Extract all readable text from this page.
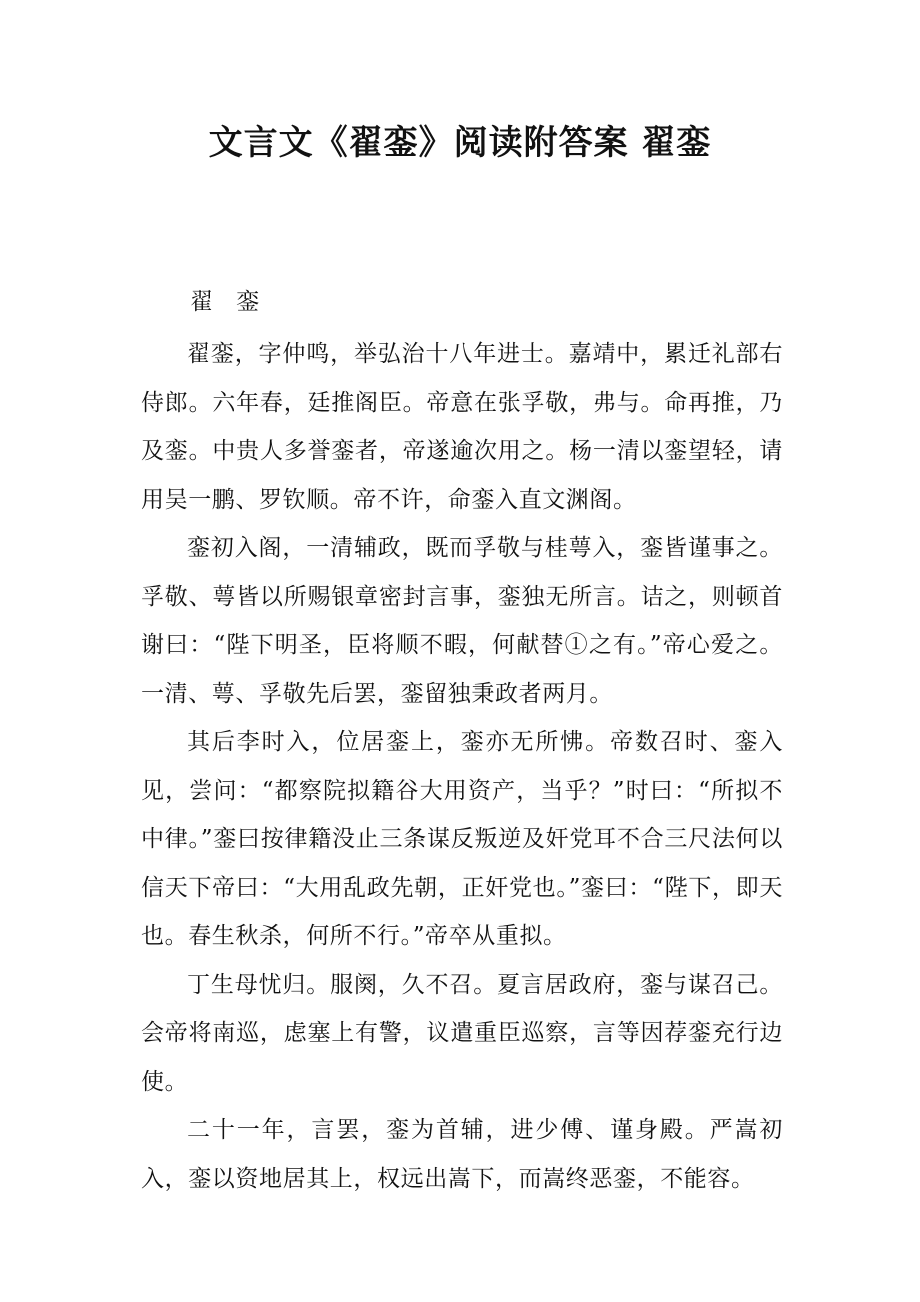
文言文《翟銮》阅读附答案 翟銮
翟 銮

翟銮，字仲鸣，举弘治十八年进士。嘉靖中，累迁礼部右侍郎。六年春，廷推阁臣。帝意在张孚敬，弗与。命再推，乃及銮。中贵人多誉銮者，帝遂逾次用之。杨一清以銮望轻，请用吴一鹏、罗钦顺。帝不许，命銮入直文渊阁。

銮初入阁，一清辅政，既而孚敬与桂萼入，銮皆谨事之。孚敬、萼皆以所赐银章密封言事，銮独无所言。诘之，则顿首谢曰：“陛下明圣，臣将顺不暇，何献替①之有。”帝心爱之。一清、萼、孚敬先后罢，銮留独秉政者两月。

其后李时入，位居銮上，銮亦无所怫。帝数召时、銮入见，尝问：“都察院拟籍谷大用资产，当乎？”时曰：“所拟不中律。”銮曰按律籍没止三条谋反叛逆及奸党耳不合三尺法何以信天下帝曰：“大用乱政先朝，正奸党也。”銮曰：“陛下，即天也。春生秋杀，何所不行。”帝卒从重拟。

丁生母忧归。服阕，久不召。夏言居政府，銮与谋召己。会帝将南巡，虑塞上有警，议遣重臣巡察，言等因荐銮充行边使。

二十一年，言罢，銮为首辅，进少傅、谨身殿。严嵩初入，銮以资地居其上，权远出嵩下，而嵩终恶銮，不能容。
